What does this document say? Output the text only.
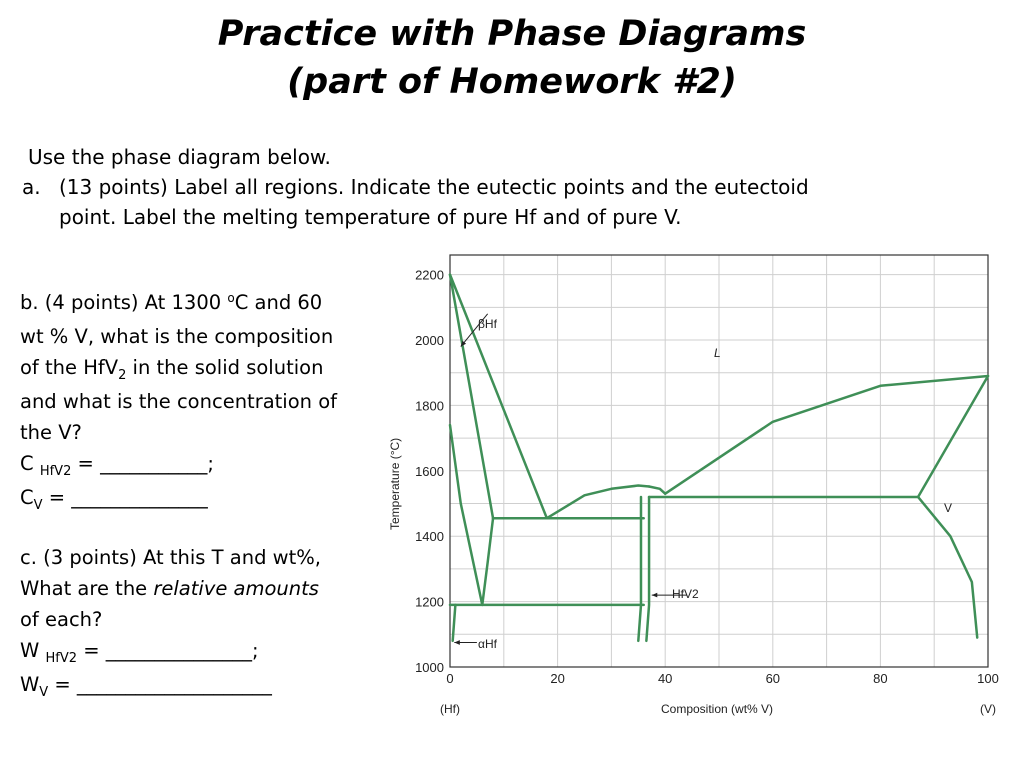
Practice with Phase Diagrams
(part of Homework #2)
Use the phase diagram below.
a. (13 points) Label all regions. Indicate the eutectic points and the eutectoid
point. Label the melting temperature of pure Hf and of pure V.
b. (4 points) At 1300 $^o$C and 60
wt % V, what is the composition
of the HfV$_2$ in the solid solution
and what is the concentration of
the V?
C $_{HfV2}$ = ___________;
$C_V$ = ______________
c. (3 points) At this T and wt%,
What are the relative amounts
of each?
W $_{HfV2}$ = _______________;
$W_V$ = ____________________	0	20	40	60	80	100
1000
1200
1400
1600
1800
2000
2200
βHf
L
HfV2
V
αHf
Composition (wt% V)
(Hf)	(V)
Temperature (°C)
